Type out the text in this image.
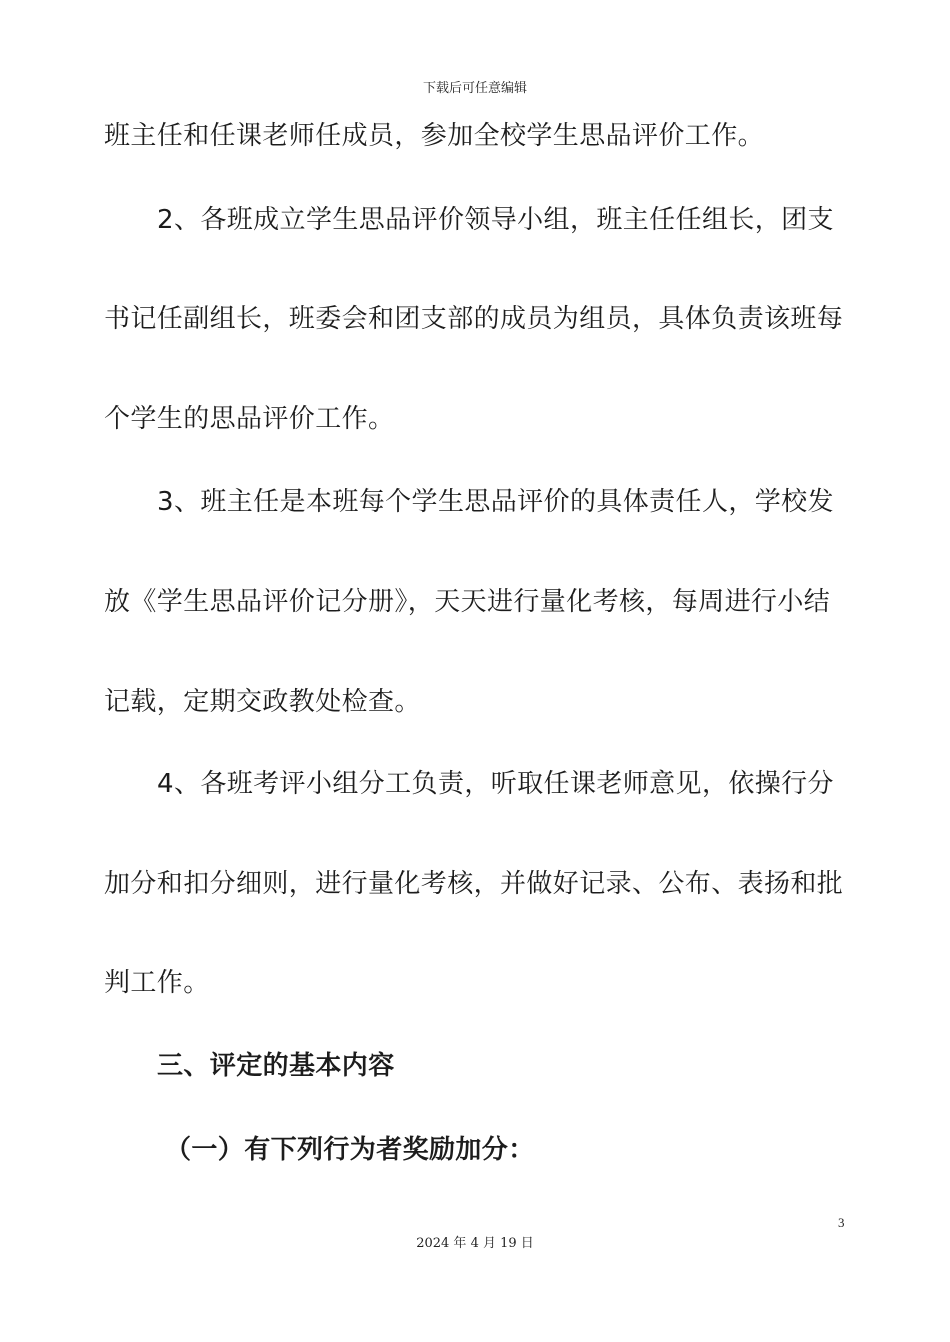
下载后可任意编辑
班主任和任课老师任成员，参加全校学生思品评价工作。
2、各班成立学生思品评价领导小组，班主任任组长，团支
书记任副组长，班委会和团支部的成员为组员，具体负责该班每
个学生的思品评价工作。
3、班主任是本班每个学生思品评价的具体责任人，学校发
放《学生思品评价记分册》，天天进行量化考核，每周进行小结
记载，定期交政教处检查。
4、各班考评小组分工负责，听取任课老师意见，依操行分
加分和扣分细则，进行量化考核，并做好记录、公布、表扬和批
判工作。
三、评定的基本内容
（一）有下列行为者奖励加分：
3
2024 年 4 月 19 日
